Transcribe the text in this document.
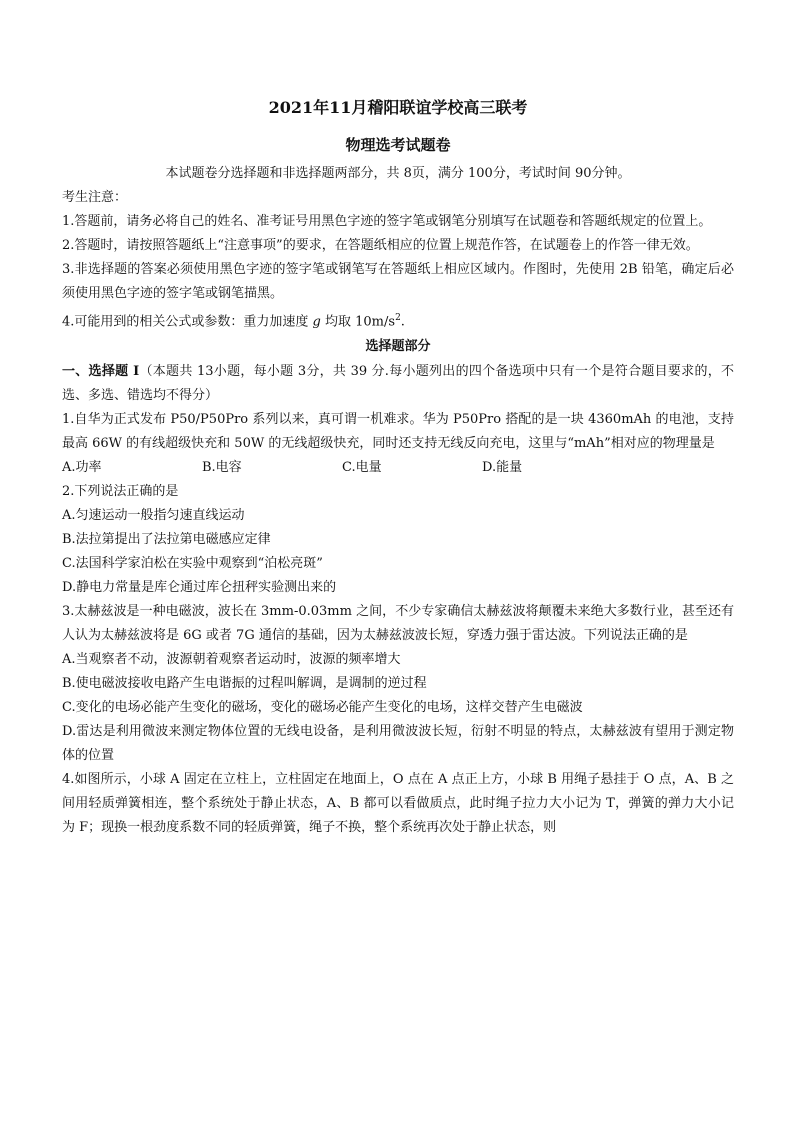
2021年11月稽阳联谊学校高三联考
物理选考试题卷
本试题卷分选择题和非选择题两部分，共 8页，满分 100分，考试时间 90分钟。
考生注意：
1.答题前，请务必将自己的姓名、准考证号用黑色字迹的签字笔或钢笔分别填写在试题卷和答题纸规定的位置上。
2.答题时，请按照答题纸上“注意事项”的要求，在答题纸相应的位置上规范作答，在试题卷上的作答一律无效。
3.非选择题的答案必须使用黑色字迹的签字笔或钢笔写在答题纸上相应区域内。作图时，先使用 2B 铅笔，确定后必须使用黑色字迹的签字笔或钢笔描黑。
4.可能用到的相关公式或参数：重力加速度 g 均取 $10m/s^2$.
选择题部分
一、选择题 I（本题共 13小题，每小题 3分，共 39 分.每小题列出的四个备选项中只有一个是符合题目要求的，不选、多选、错选均不得分）
1.自华为正式发布 P50/P50Pro 系列以来，真可谓一机难求。华为 P50Pro 搭配的是一块 4360mAh 的电池，支持最高 66W 的有线超级快充和 50W 的无线超级快充，同时还支持无线反向充电，这里与“mAh”相对应的物理量是
A.功率	B.电容	C.电量	D.能量
2.下列说法正确的是
A.匀速运动一般指匀速直线运动
B.法拉第提出了法拉第电磁感应定律
C.法国科学家泊松在实验中观察到“泊松亮斑”
D.静电力常量是库仑通过库仑扭秤实验测出来的
3.太赫兹波是一种电磁波，波长在 3mm-0.03mm 之间，不少专家确信太赫兹波将颠覆未来绝大多数行业，甚至还有人认为太赫兹波将是 6G 或者 7G 通信的基础，因为太赫兹波波长短，穿透力强于雷达波。下列说法正确的是
A.当观察者不动，波源朝着观察者运动时，波源的频率增大
B.使电磁波接收电路产生电谐振的过程叫解调，是调制的逆过程
C.变化的电场必能产生变化的磁场，变化的磁场必能产生变化的电场，这样交替产生电磁波
D.雷达是利用微波来测定物体位置的无线电设备，是利用微波波长短，衍射不明显的特点，太赫兹波有望用于测定物体的位置
4.如图所示，小球 A 固定在立柱上，立柱固定在地面上，O 点在 A 点正上方，小球 B 用绳子悬挂于 O 点，A、B 之间用轻质弹簧相连，整个系统处于静止状态，A、B 都可以看做质点，此时绳子拉力大小记为 T，弹簧的弹力大小记为 F；现换一根劲度系数不同的轻质弹簧，绳子不换，整个系统再次处于静止状态，则
